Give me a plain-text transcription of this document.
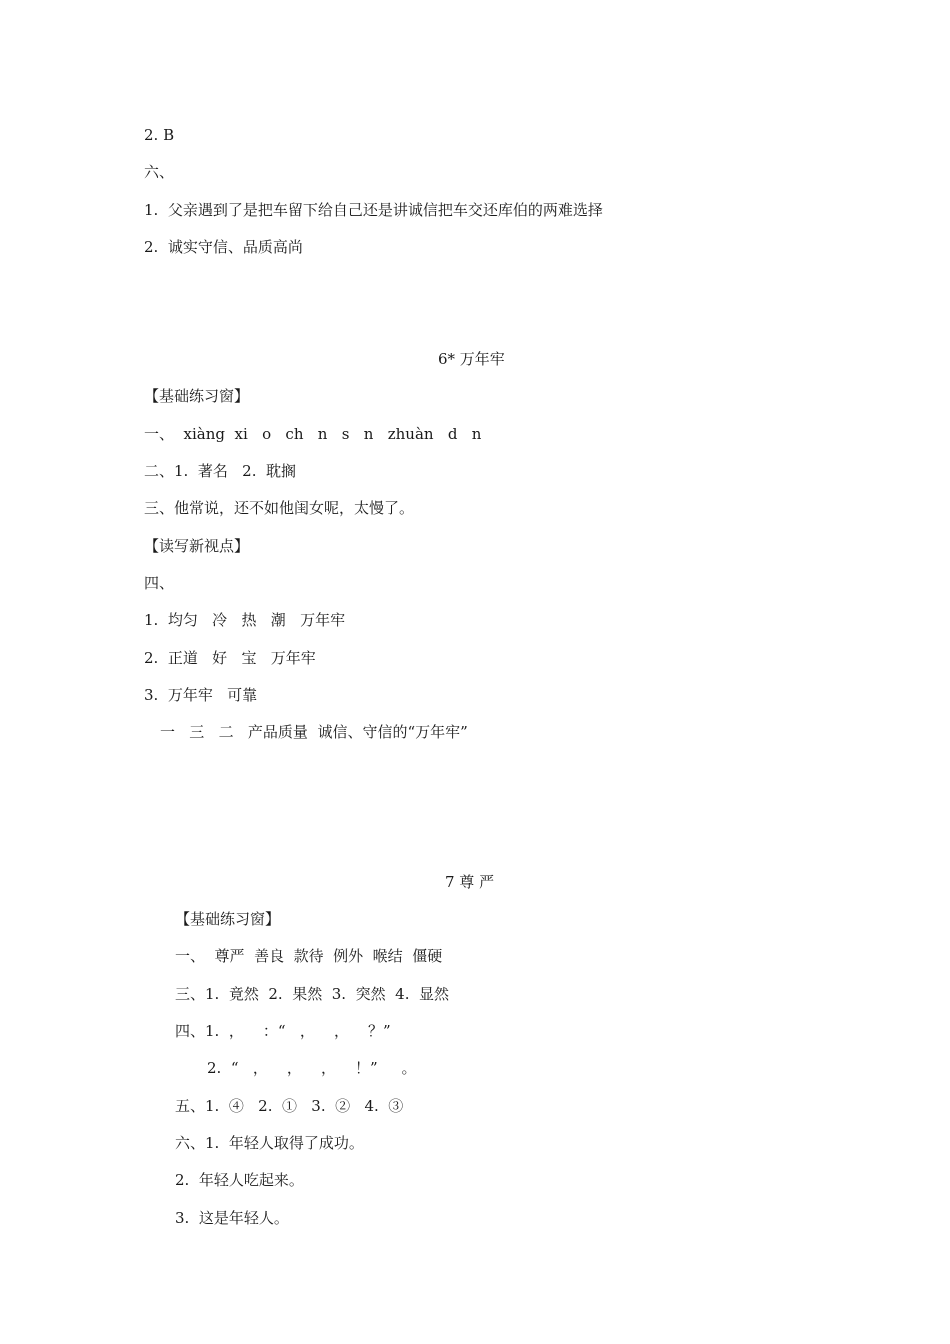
2. B
六、
1.  父亲遇到了是把车留下给自己还是讲诚信把车交还库伯的两难选择
2.  诚实守信、品质高尚
6* 万年牢
【基础练习窗】
一、  xiàng  xi   o   ch   n   s   n   zhuàn   d   n
二、1.  著名   2.  耽搁
三、他常说，还不如他闺女呢，太慢了。
【读写新视点】
四、
1.  均匀   冷   热   潮   万年牢
2.  正道   好   宝   万年牢
3.  万年牢   可靠
一   三   二   产品质量  诚信、守信的“万年牢”
7 尊 严
【基础练习窗】
一、  尊严  善良  款待  例外  喉结  僵硬
三、1.  竟然  2.  果然  3.  突然  4.  显然
四、1.  ，    ：“   ，    ，    ？”
2.  “   ，    ，    ，    ！”     。
五、1.  ④   2.  ①   3.  ②   4.  ③
六、1.  年轻人取得了成功。
2.  年轻人吃起来。
3.  这是年轻人。
